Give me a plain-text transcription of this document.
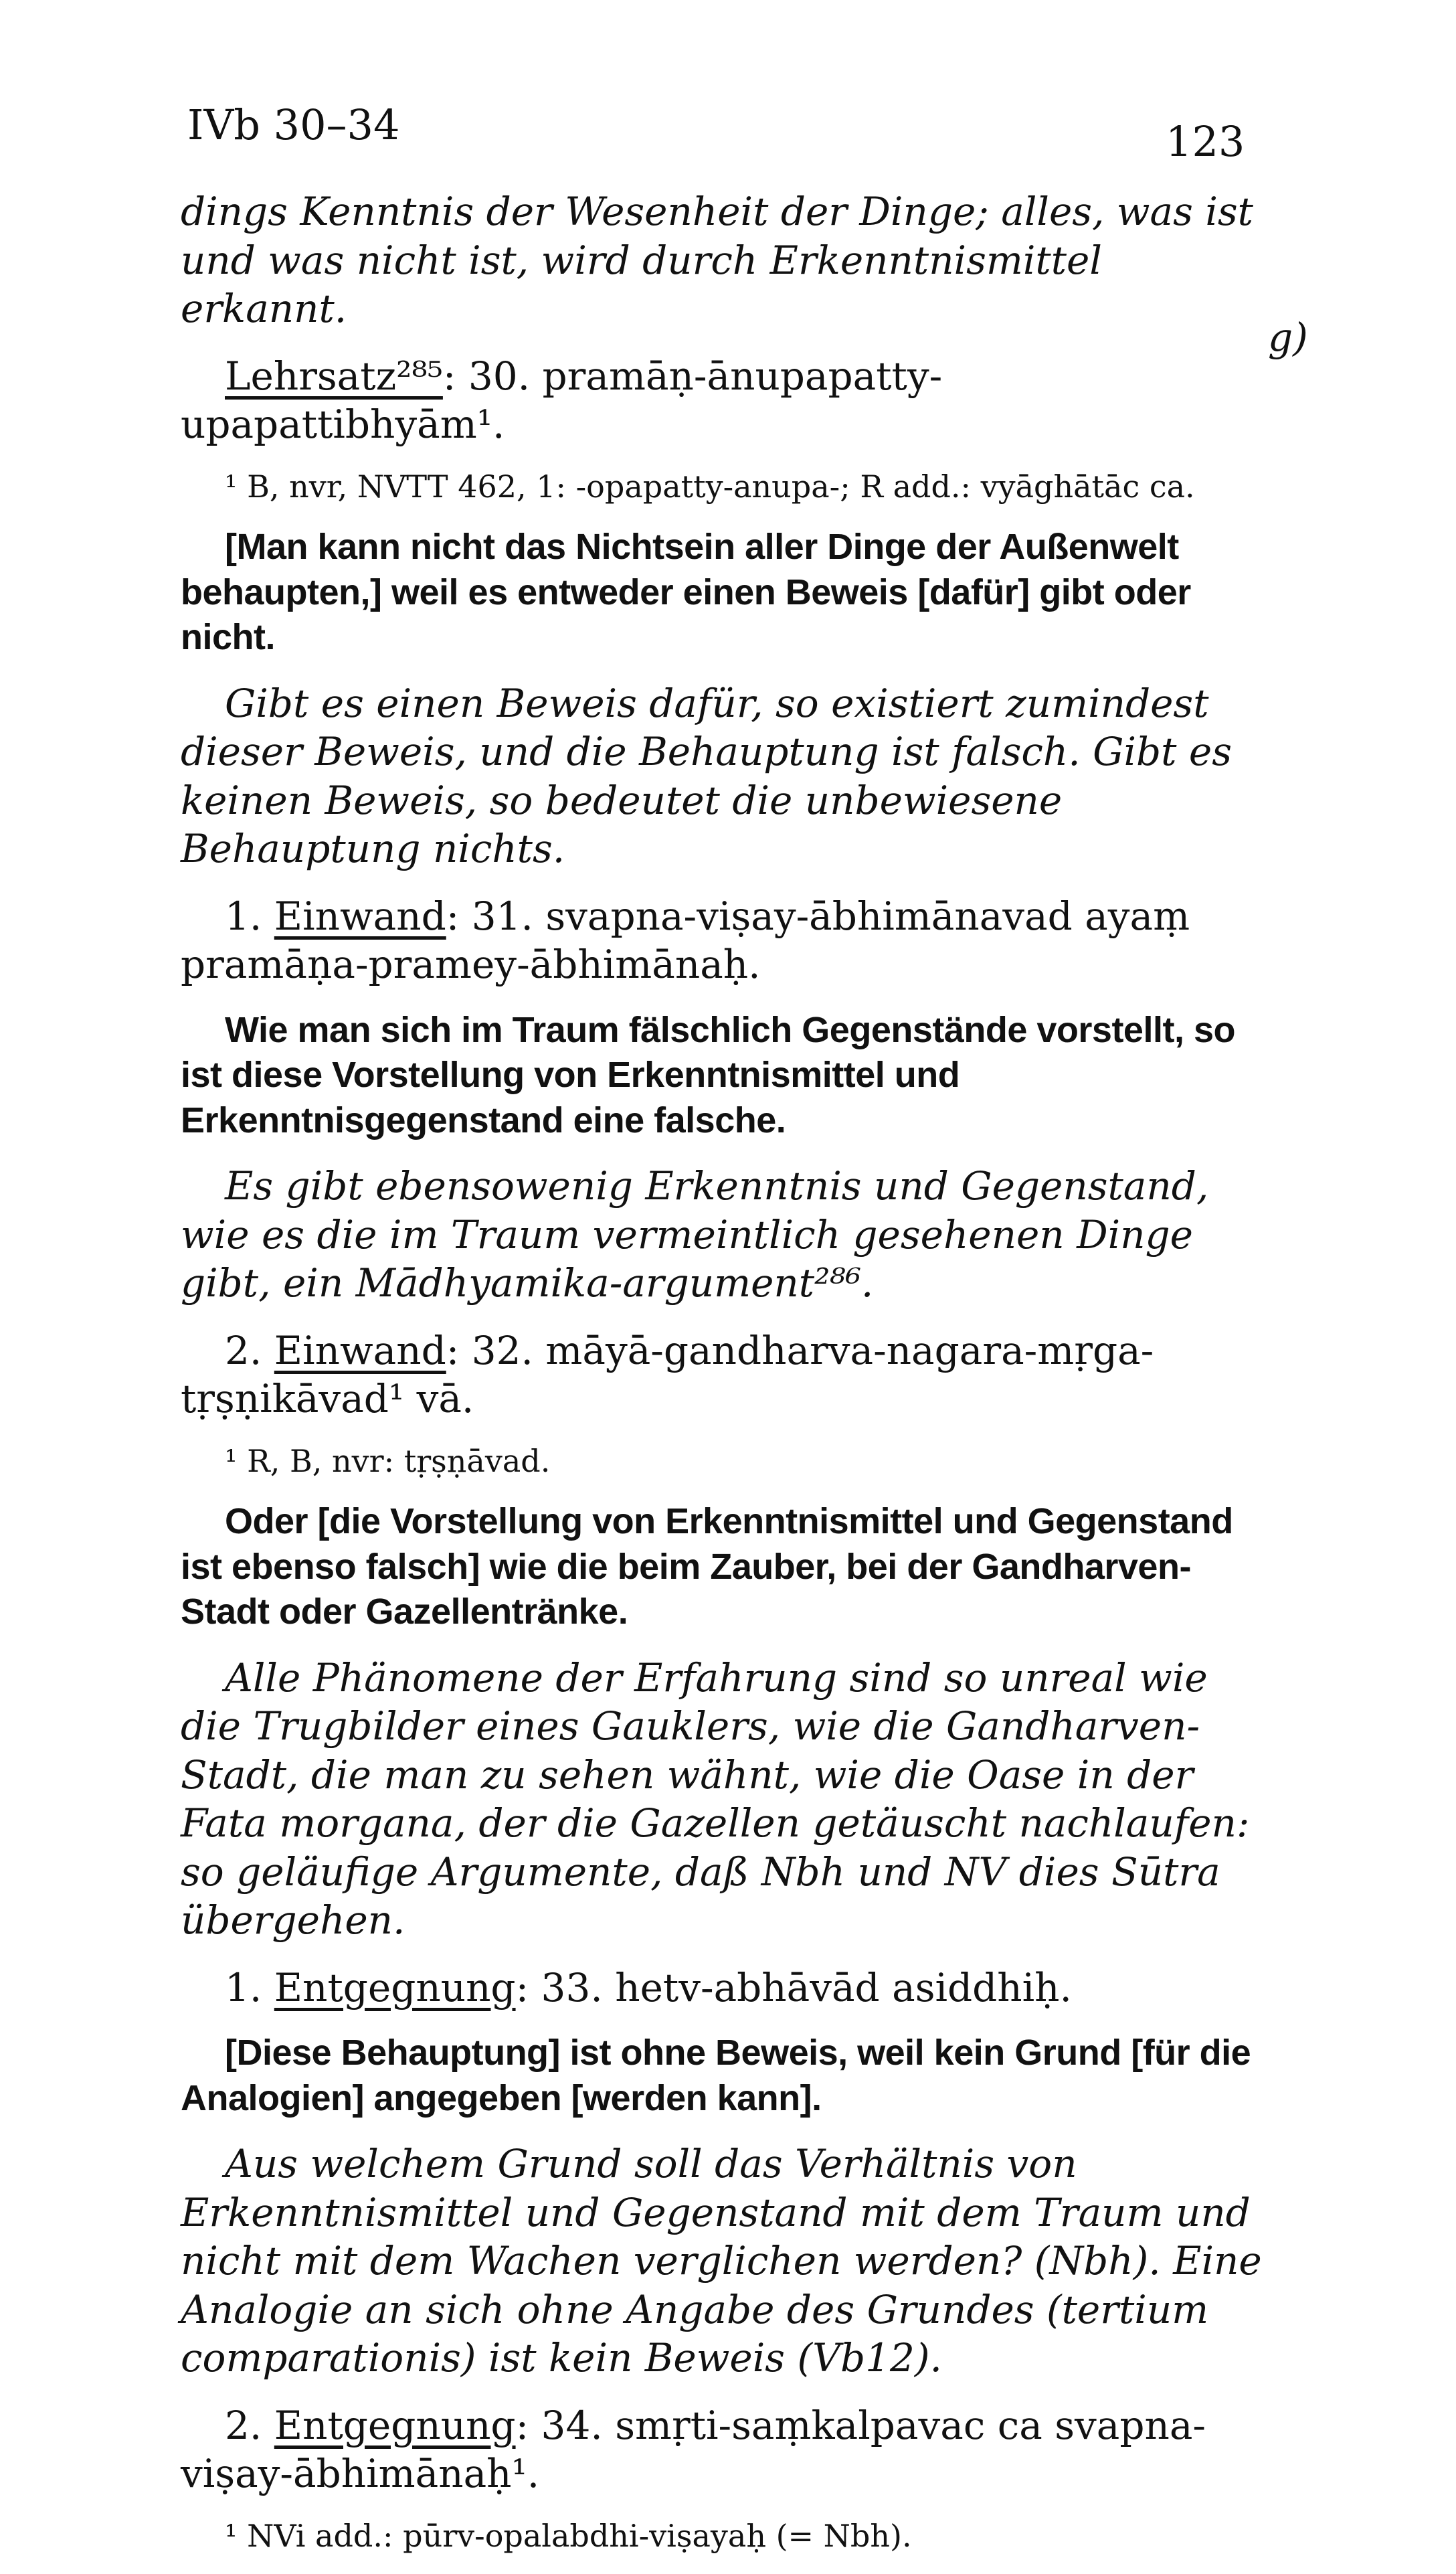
IVb 30–34	123
g)

dings Kenntnis der Wesenheit der Dinge; alles, was ist und was nicht ist, wird durch Erkenntnismittel erkannt.

Lehrsatz²⁸⁵: 30. pramāṇ-ānupapatty-upapattibhyām¹.

¹ B, nvr, NVTT 462, 1: -opapatty-anupa-; R add.: vyāghātāc ca.

[Man kann nicht das Nichtsein aller Dinge der Außenwelt behaupten,] weil es entweder einen Beweis [dafür] gibt oder nicht.

Gibt es einen Beweis dafür, so existiert zumindest dieser Beweis, und die Behauptung ist falsch. Gibt es keinen Beweis, so bedeutet die unbewiesene Behauptung nichts.

1. Einwand: 31. svapna-viṣay-ābhimānavad ayaṃ pramāṇa-pramey-ābhimānaḥ.

Wie man sich im Traum fälschlich Gegenstände vorstellt, so ist diese Vorstellung von Erkenntnismittel und Erkenntnisgegenstand eine falsche.

Es gibt ebensowenig Erkenntnis und Gegenstand, wie es die im Traum vermeintlich gesehenen Dinge gibt, ein Mādhyamika-argument²⁸⁶.

2. Einwand: 32. māyā-gandharva-nagara-mṛga-tṛṣṇikāvad¹ vā.

¹ R, B, nvr: tṛṣṇāvad.

Oder [die Vorstellung von Erkenntnismittel und Gegenstand ist ebenso falsch] wie die beim Zauber, bei der Gandharven-Stadt oder Gazellentränke.

Alle Phänomene der Erfahrung sind so unreal wie die Trugbilder eines Gauklers, wie die Gandharven-Stadt, die man zu sehen wähnt, wie die Oase in der Fata morgana, der die Gazellen getäuscht nachlaufen: so geläufige Argumente, daß Nbh und NV dies Sūtra übergehen.

1. Entgegnung: 33. hetv-abhāvād asiddhiḥ.

[Diese Behauptung] ist ohne Beweis, weil kein Grund [für die Analogien] angegeben [werden kann].

Aus welchem Grund soll das Verhältnis von Erkenntnismittel und Gegenstand mit dem Traum und nicht mit dem Wachen verglichen werden? (Nbh). Eine Analogie an sich ohne Angabe des Grundes (tertium comparationis) ist kein Beweis (Vb12).

2. Entgegnung: 34. smṛti-saṃkalpavac ca svapna-viṣay-ābhimānaḥ¹.

¹ NVi add.: pūrv-opalabdhi-viṣayaḥ (= Nbh).
